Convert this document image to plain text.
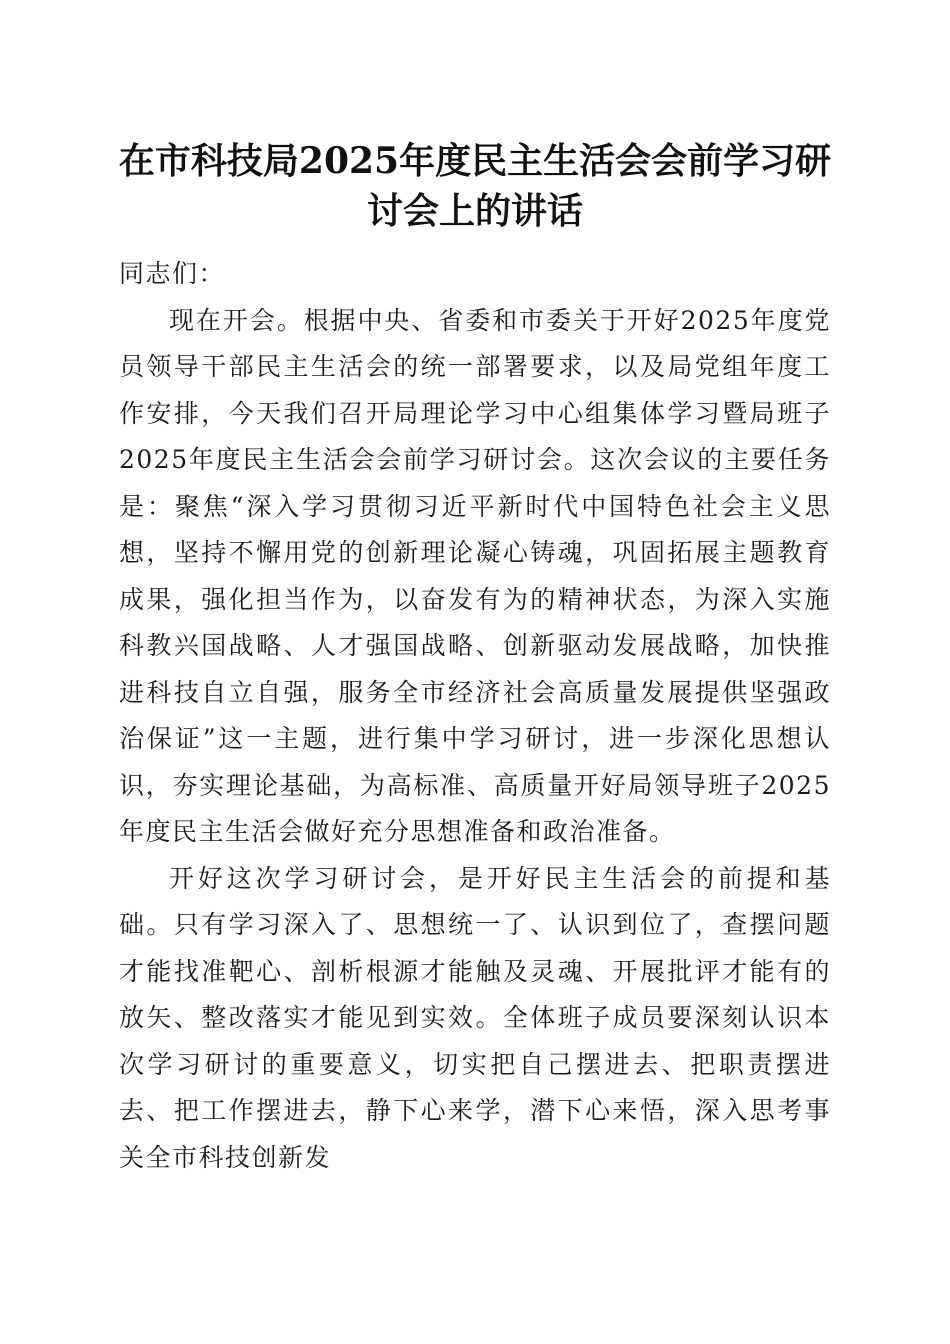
在市科技局2025年度民主生活会会前学习研讨会上的讲话

同志们：

现在开会。根据中央、省委和市委关于开好2025年度党员领导干部民主生活会的统一部署要求，以及局党组年度工作安排，今天我们召开局理论学习中心组集体学习暨局班子2025年度民主生活会会前学习研讨会。这次会议的主要任务是：聚焦“深入学习贯彻习近平新时代中国特色社会主义思想，坚持不懈用党的创新理论凝心铸魂，巩固拓展主题教育成果，强化担当作为，以奋发有为的精神状态，为深入实施科教兴国战略、人才强国战略、创新驱动发展战略，加快推进科技自立自强，服务全市经济社会高质量发展提供坚强政治保证”这一主题，进行集中学习研讨，进一步深化思想认识，夯实理论基础，为高标准、高质量开好局领导班子2025年度民主生活会做好充分思想准备和政治准备。

开好这次学习研讨会，是开好民主生活会的前提和基础。只有学习深入了、思想统一了、认识到位了，查摆问题才能找准靶心、剖析根源才能触及灵魂、开展批评才能有的放矢、整改落实才能见到实效。全体班子成员要深刻认识本次学习研讨的重要意义，切实把自己摆进去、把职责摆进去、把工作摆进去，静下心来学，潜下心来悟，深入思考事关全市科技创新发
